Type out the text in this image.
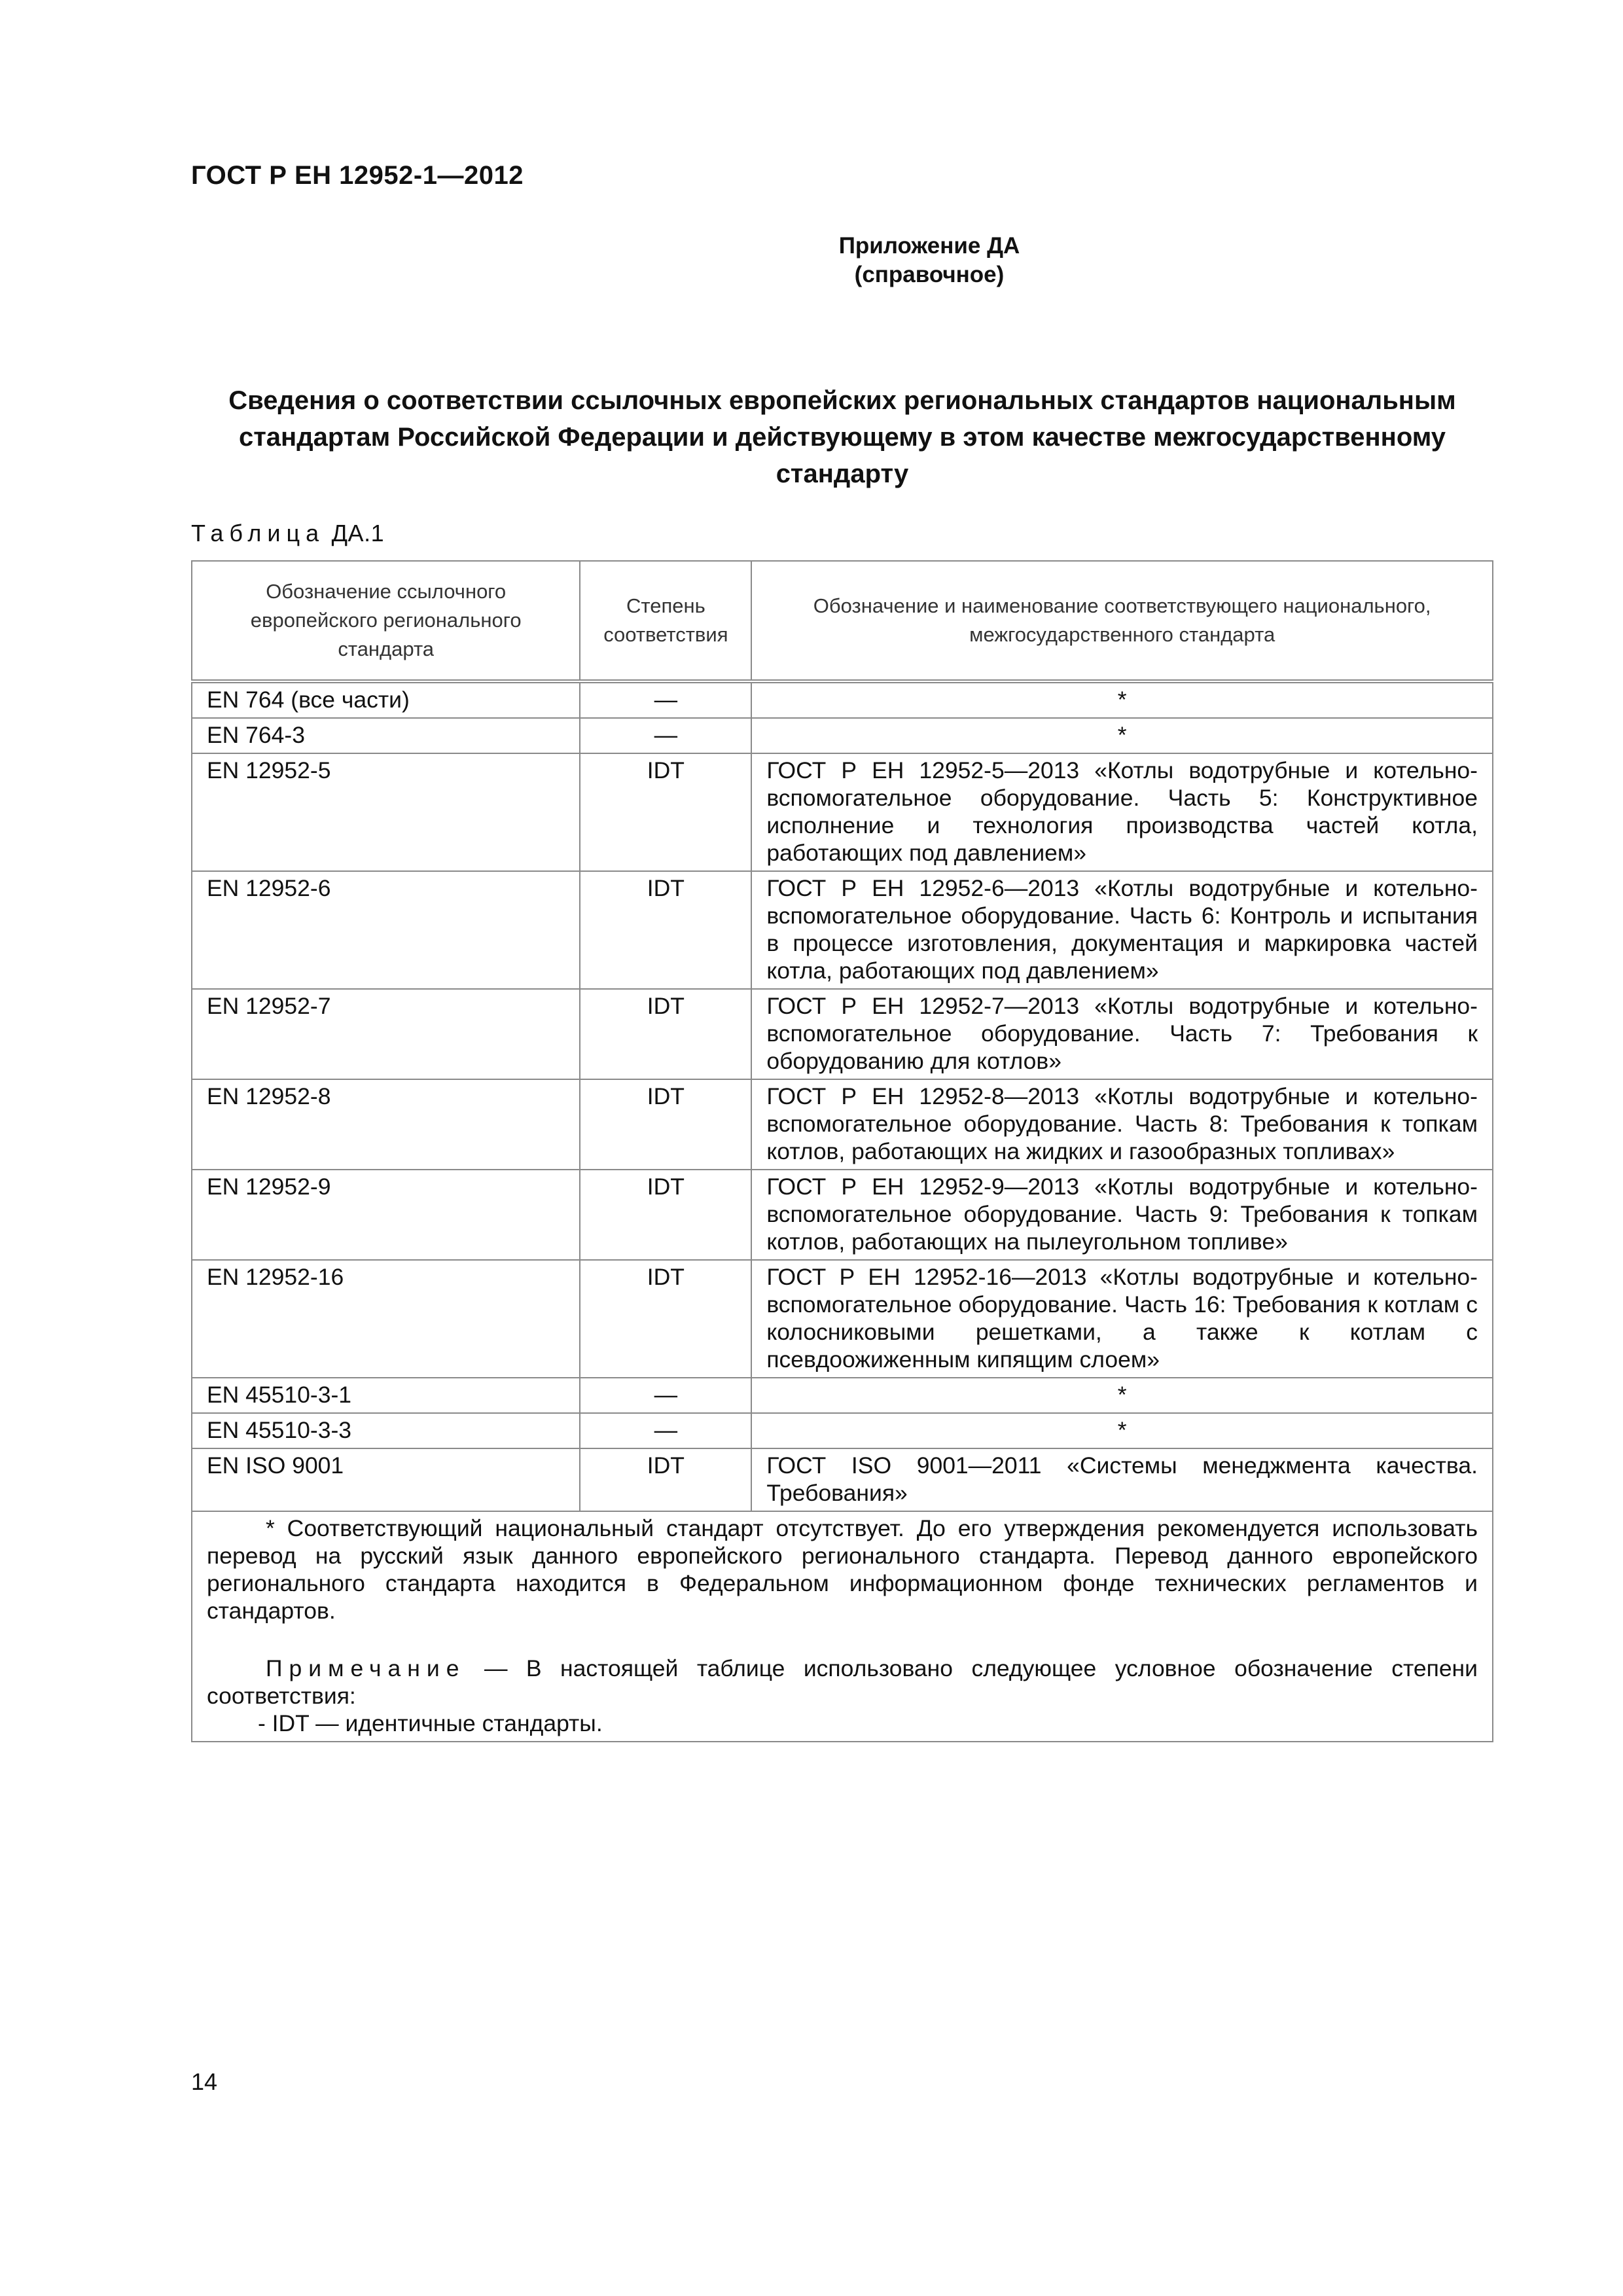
ГОСТ Р ЕН 12952-1—2012
Приложение ДА
(справочное)
Сведения о соответствии ссылочных европейских региональных стандартов национальным стандартам Российской Федерации и действующему в этом качестве межгосударственному стандарту
Таблица ДА.1
Обозначение ссылочного европейского регионального стандарта	Степень соответствия	Обозначение и наименование соответствующего национального, межгосударственного стандарта
EN 764 (все части)	—	*
EN 764-3	—	*
EN 12952-5	IDT	ГОСТ Р ЕН 12952-5—2013 «Котлы водотрубные и котельно-вспомогательное оборудование. Часть 5: Конструктивное исполнение и технология производства частей котла, работающих под давлением»
EN 12952-6	IDT	ГОСТ Р ЕН 12952-6—2013 «Котлы водотрубные и котельно-вспомогательное оборудование. Часть 6: Контроль и испытания в процессе изготовления, документация и маркировка частей котла, работающих под давлением»
EN 12952-7	IDT	ГОСТ Р ЕН 12952-7—2013 «Котлы водотрубные и котельно-вспомогательное оборудование. Часть 7: Требования к оборудованию для котлов»
EN 12952-8	IDT	ГОСТ Р ЕН 12952-8—2013 «Котлы водотрубные и котельно-вспомогательное оборудование. Часть 8: Требования к топкам котлов, работающих на жидких и газообразных топливах»
EN 12952-9	IDT	ГОСТ Р ЕН 12952-9—2013 «Котлы водотрубные и котельно-вспомогательное оборудование. Часть 9: Требования к топкам котлов, работающих на пылеугольном топливе»
EN 12952-16	IDT	ГОСТ Р ЕН 12952-16—2013 «Котлы водотрубные и котельно-вспомогательное оборудование. Часть 16: Требования к котлам с колосниковыми решетками, а также к котлам с псевдоожиженным кипящим слоем»
EN 45510-3-1	—	*
EN 45510-3-3	—	*
EN ISO 9001	IDT	ГОСТ ISO 9001—2011 «Системы менеджмента качества. Требования»

* Соответствующий национальный стандарт отсутствует. До его утверждения рекомендуется использовать перевод на русский язык данного европейского регионального стандарта. Перевод данного европейского регионального стандарта находится в Федеральном информационном фонде технических регламентов и стандартов.
Примечание — В настоящей таблице использовано следующее условное обозначение степени соответствия:
- IDT — идентичные стандарты.		
14
